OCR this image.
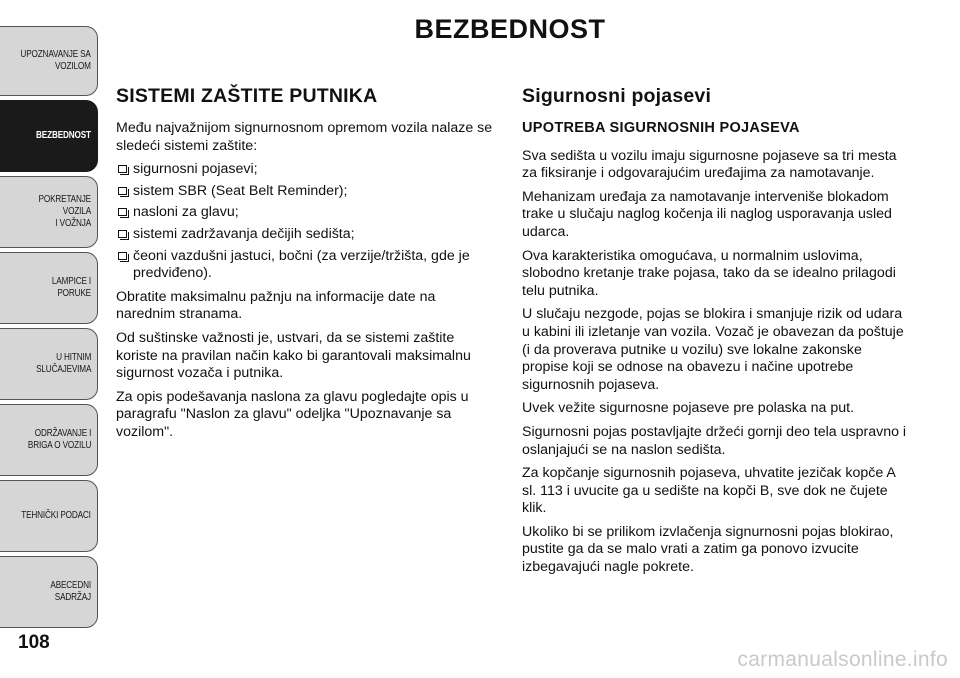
UPOZNAVANJE SA
VOZILOM
BEZBEDNOST
POKRETANJE VOZILA
I VOŽNJA
LAMPICE I PORUKE
U HITNIM
SLUČAJEVIMA
ODRŽAVANJE I
BRIGA O VOZILU
TEHNIČKI PODACI
ABECEDNI SADRŽAJ
108
carmanualsonline.info
BEZBEDNOST
SISTEMI ZAŠTITE PUTNIKA

Među najvažnijom signurnosnom opremom vozila nalaze se sledeći sistemi zaštite:

sigurnosni pojasevi;
sistem SBR (Seat Belt Reminder);
nasloni za glavu;
sistemi zadržavanja dečijih sedišta;
čeoni vazdušni jastuci, bočni (za verzije/tržišta, gde je predviđeno).

Obratite maksimalnu pažnju na informacije date na narednim stranama.

Od suštinske važnosti je, ustvari, da se sistemi zaštite koriste na pravilan način kako bi garantovali maksimalnu sigurnost vozača i putnika.

Za opis podešavanja naslona za glavu pogledajte opis u paragrafu "Naslon za glavu" odeljka "Upoznavanje sa vozilom".

Sigurnosni pojasevi
UPOTREBA SIGURNOSNIH POJASEVA

Sva sedišta u vozilu imaju sigurnosne pojaseve sa tri mesta za fiksiranje i odgovarajućim uređajima za namotavanje.

Mehanizam uređaja za namotavanje interveniše blokadom trake u slučaju naglog kočenja ili naglog usporavanja usled udarca.

Ova karakteristika omogućava, u normalnim uslovima, slobodno kretanje trake pojasa, tako da se idealno prilagodi telu putnika.

U slučaju nezgode, pojas se blokira i smanjuje rizik od udara u kabini ili izletanje van vozila. Vozač je obavezan da poštuje (i da proverava putnike u vozilu) sve lokalne zakonske propise koji se odnose na obavezu i načine upotrebe sigurnosnih pojaseva.

Uvek vežite sigurnosne pojaseve pre polaska na put.

Sigurnosni pojas postavljajte držeći gornji deo tela uspravno i oslanjajući se na naslon sedišta.

Za kopčanje sigurnosnih pojaseva, uhvatite jezičak kopče A sl. 113 i uvucite ga u sedište na kopči B, sve dok ne čujete klik.

Ukoliko bi se prilikom izvlačenja signurnosni pojas blokirao, pustite ga da se malo vrati a zatim ga ponovo izvucite izbegavajući nagle pokrete.
